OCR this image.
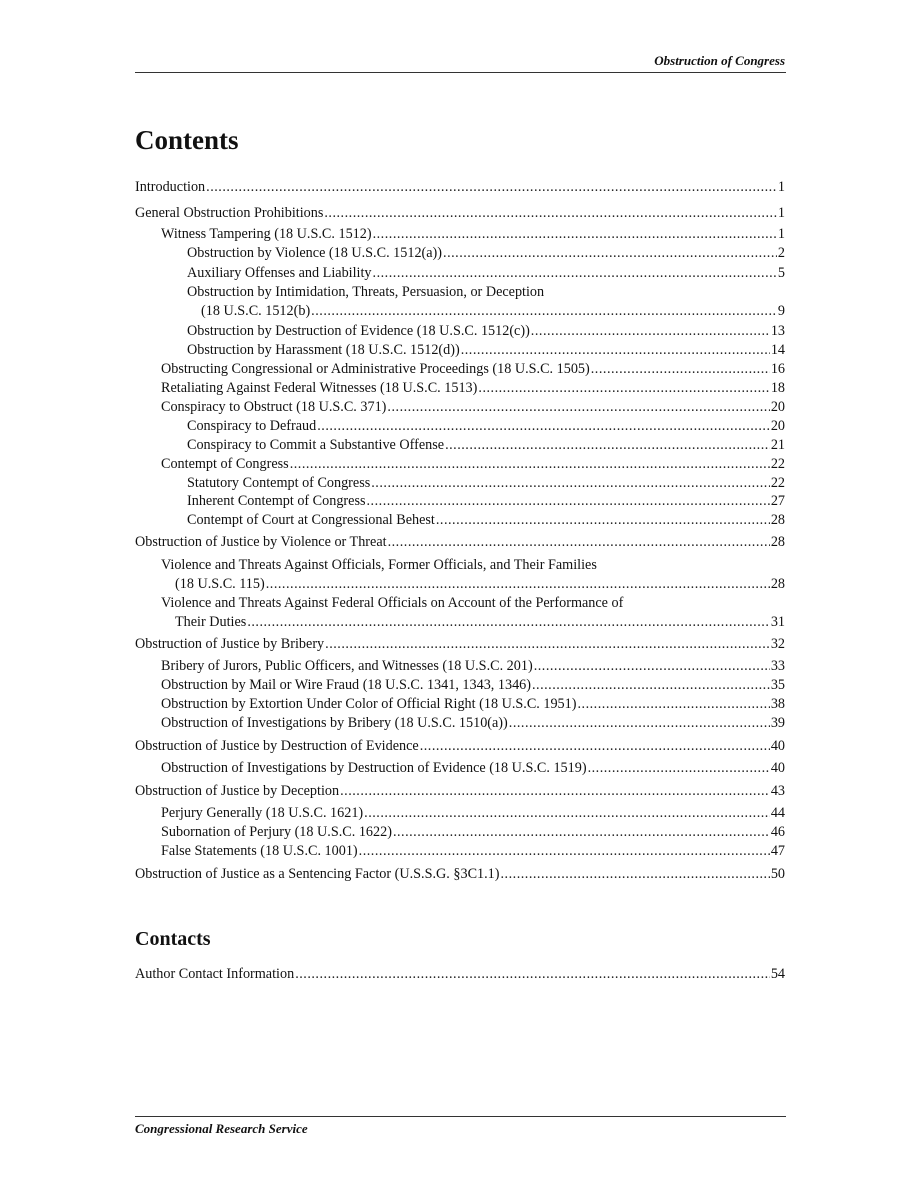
Obstruction of Congress
Contents
Introduction .....	1
General Obstruction Prohibitions .....	1
Witness Tampering (18 U.S.C. 1512) .....	1
Obstruction by Violence (18 U.S.C. 1512(a)) .....	2
Auxiliary Offenses and Liability .....	5
Obstruction by Intimidation, Threats, Persuasion, or Deception
(18 U.S.C. 1512(b) .....	9
Obstruction by Destruction of Evidence (18 U.S.C. 1512(c)) .....	13
Obstruction by Harassment (18 U.S.C. 1512(d)) .....	14
Obstructing Congressional or Administrative Proceedings (18 U.S.C. 1505) .....	16
Retaliating Against Federal Witnesses (18 U.S.C. 1513) .....	18
Conspiracy to Obstruct (18 U.S.C. 371) .....	20
Conspiracy to Defraud .....	20
Conspiracy to Commit a Substantive Offense .....	21
Contempt of Congress .....	22
Statutory Contempt of Congress .....	22
Inherent Contempt of Congress .....	27
Contempt of Court at Congressional Behest .....	28
Obstruction of Justice by Violence or Threat .....	28
Violence and Threats Against Officials, Former Officials, and Their Families
(18 U.S.C. 115) .....	28
Violence and Threats Against Federal Officials on Account of the Performance of
Their Duties .....	31
Obstruction of Justice by Bribery .....	32
Bribery of Jurors, Public Officers, and Witnesses (18 U.S.C. 201) .....	33
Obstruction by Mail or Wire Fraud (18 U.S.C. 1341, 1343, 1346) .....	35
Obstruction by Extortion Under Color of Official Right (18 U.S.C. 1951) .....	38
Obstruction of Investigations by Bribery (18 U.S.C. 1510(a)) .....	39
Obstruction of Justice by Destruction of Evidence .....	40
Obstruction of Investigations by Destruction of Evidence (18 U.S.C. 1519) .....	40
Obstruction of Justice by Deception .....	43
Perjury Generally (18 U.S.C. 1621) .....	44
Subornation of Perjury (18 U.S.C. 1622) .....	46
False Statements (18 U.S.C. 1001) .....	47
Obstruction of Justice as a Sentencing Factor (U.S.S.G. §3C1.1) .....	50
Contacts
Author Contact Information .....	54
Congressional Research Service
